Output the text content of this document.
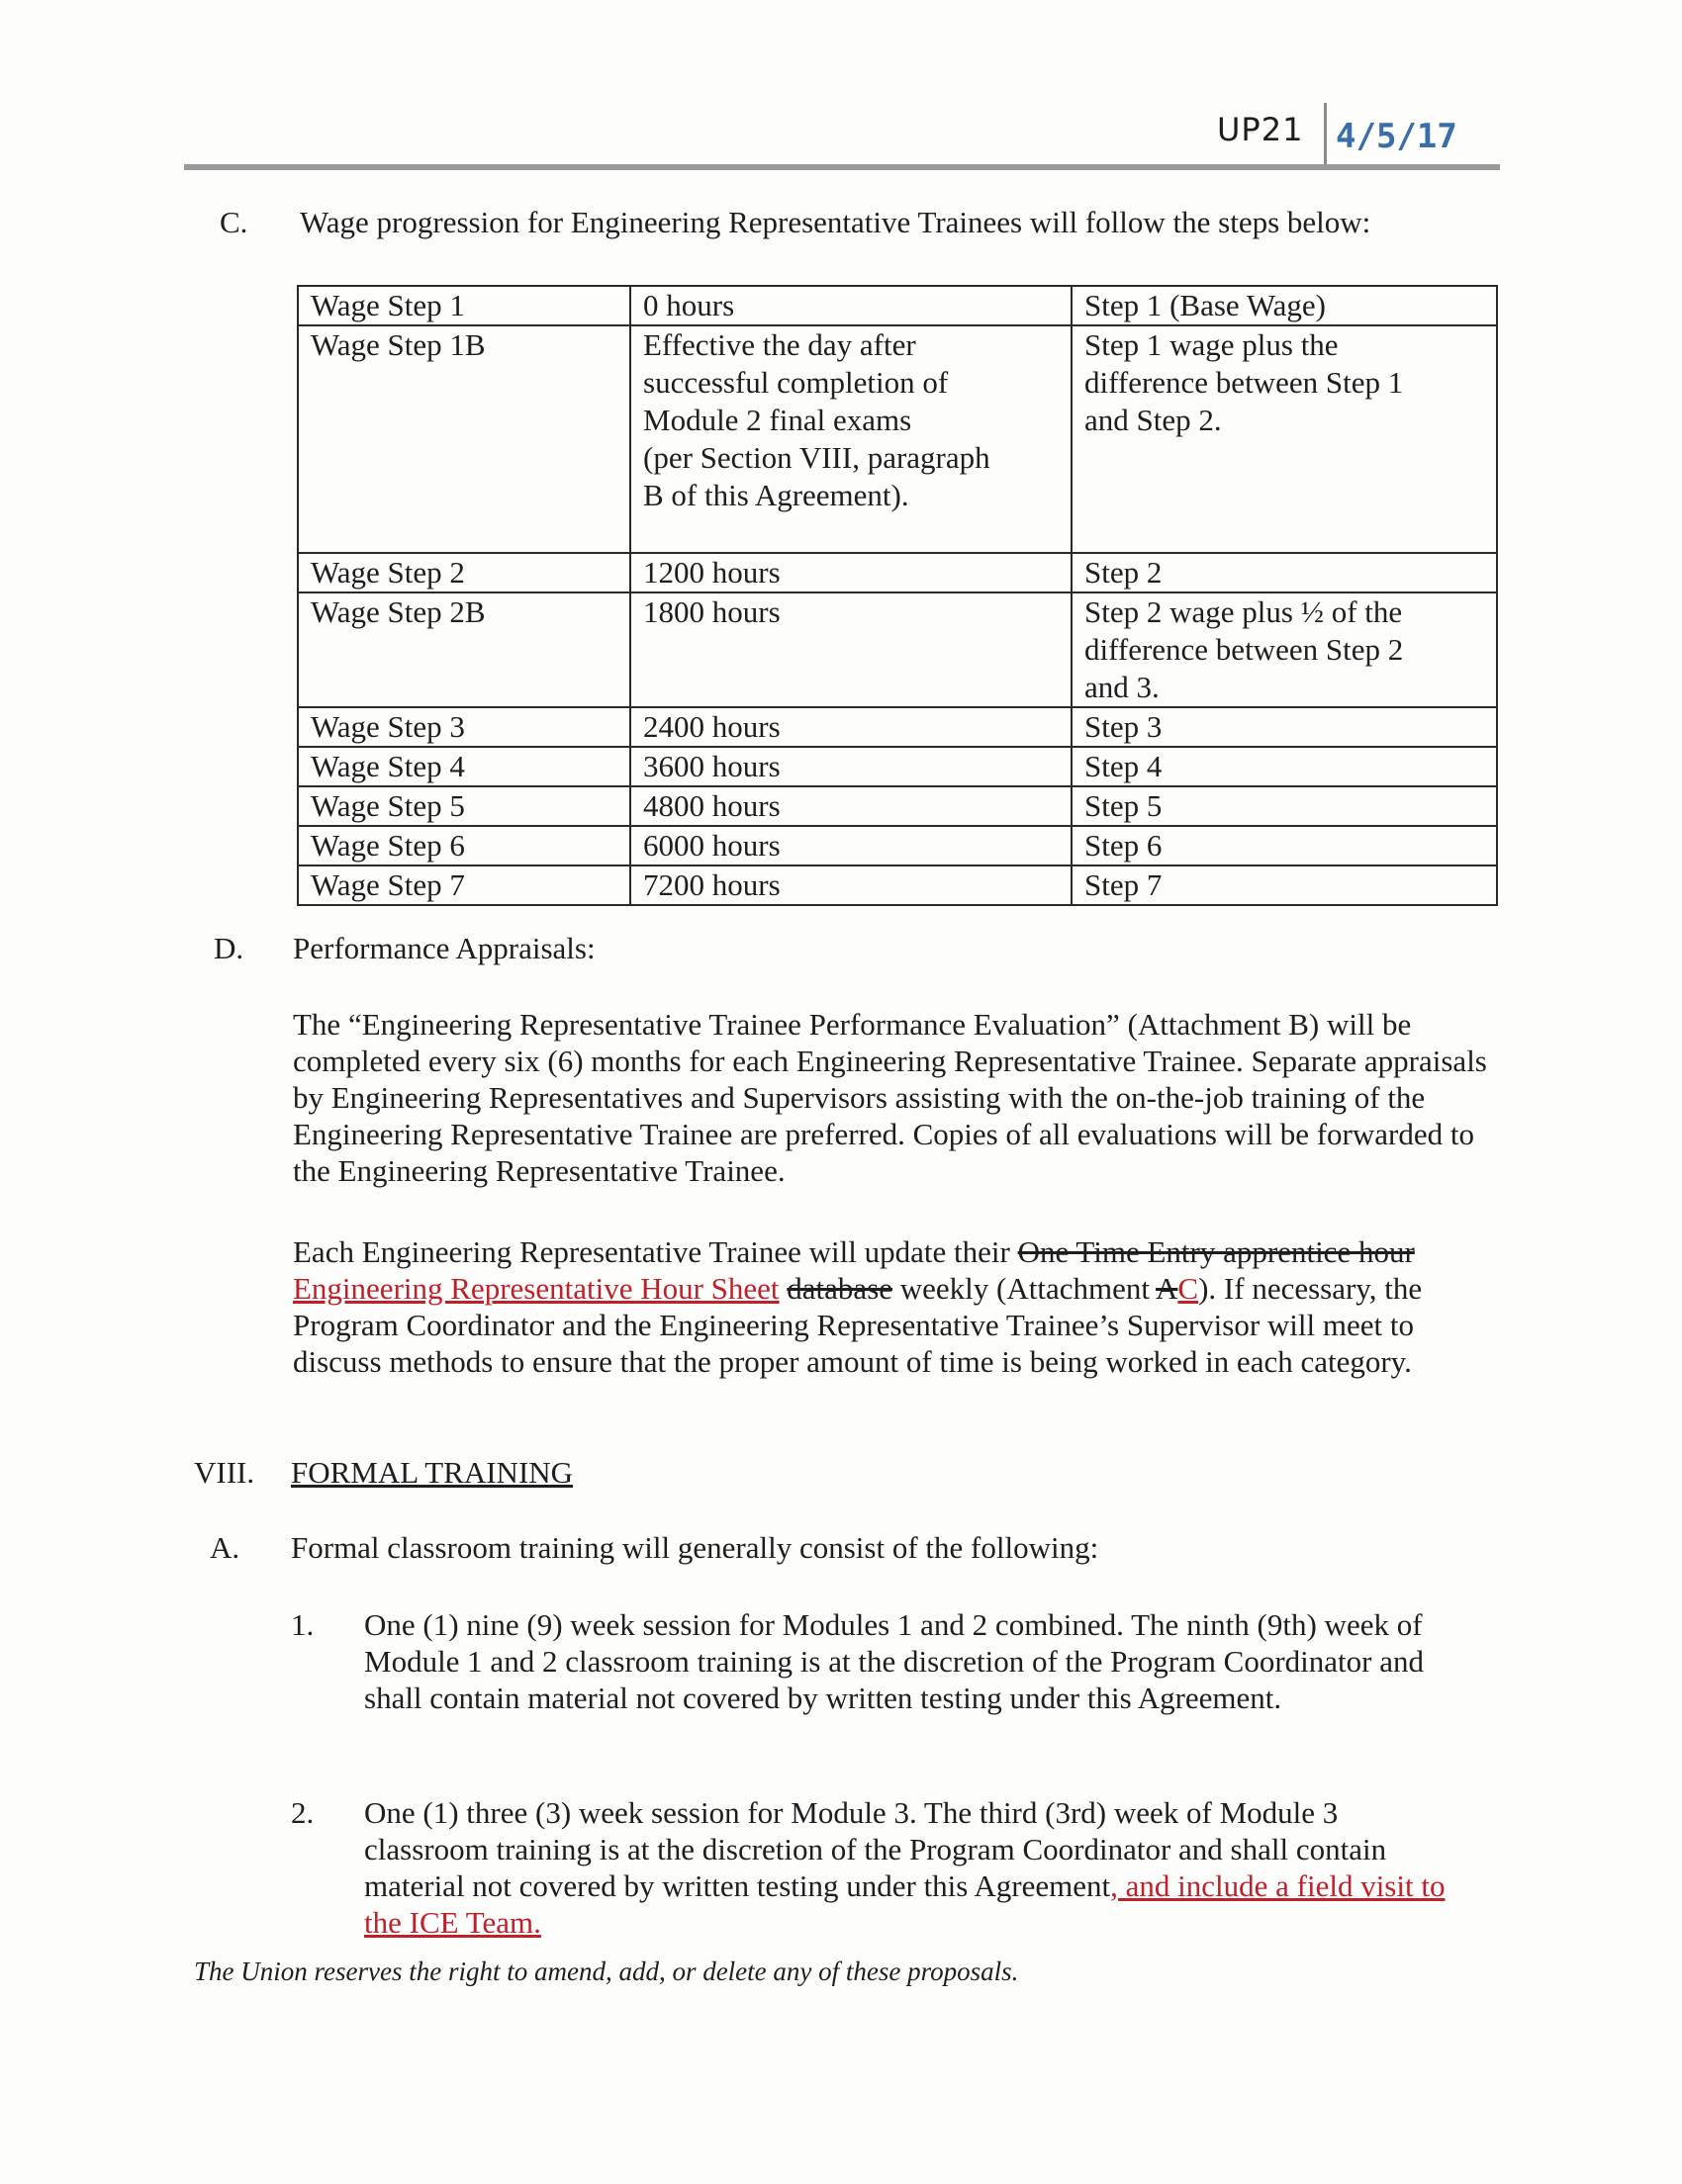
UP21 4/5/17
C. Wage progression for Engineering Representative Trainees will follow the steps below:
Wage Step 1	0 hours	Step 1 (Base Wage)
Wage Step 1B	Effective the day after
successful completion of
Module 2 final exams
(per Section VIII, paragraph
B of this Agreement).	Step 1 wage plus the
difference between Step 1
and Step 2.
Wage Step 2	1200 hours	Step 2
Wage Step 2B	1800 hours	Step 2 wage plus ½ of the
difference between Step 2
and 3.
Wage Step 3	2400 hours	Step 3
Wage Step 4	3600 hours	Step 4
Wage Step 5	4800 hours	Step 5
Wage Step 6	6000 hours	Step 6
Wage Step 7	7200 hours	Step 7
D. Performance Appraisals:
The “Engineering Representative Trainee Performance Evaluation” (Attachment B) will be completed every six (6) months for each Engineering Representative Trainee. Separate appraisals by Engineering Representatives and Supervisors assisting with the on-the-job training of the Engineering Representative Trainee are preferred. Copies of all evaluations will be forwarded to the Engineering Representative Trainee.
Each Engineering Representative Trainee will update their One Time Entry apprentice hour Engineering Representative Hour Sheet database weekly (Attachment AC). If necessary, the Program Coordinator and the Engineering Representative Trainee’s Supervisor will meet to discuss methods to ensure that the proper amount of time is being worked in each category.
VIII. FORMAL TRAINING
A. Formal classroom training will generally consist of the following:
1. One (1) nine (9) week session for Modules 1 and 2 combined. The ninth (9th) week of Module 1 and 2 classroom training is at the discretion of the Program Coordinator and shall contain material not covered by written testing under this Agreement.
2. One (1) three (3) week session for Module 3. The third (3rd) week of Module 3 classroom training is at the discretion of the Program Coordinator and shall contain material not covered by written testing under this Agreement, and include a field visit to the ICE Team.
The Union reserves the right to amend, add, or delete any of these proposals.
